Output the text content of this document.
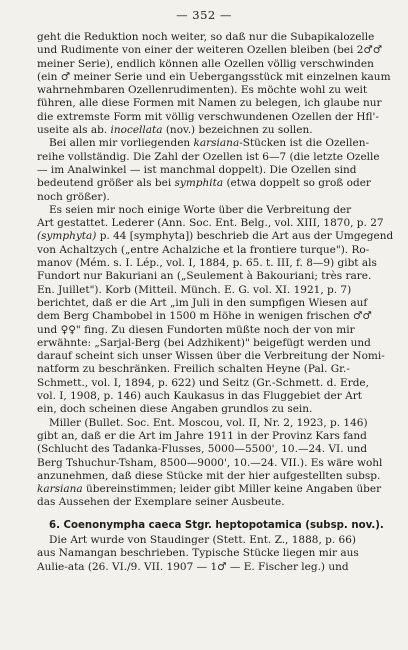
— 352 —
geht die Reduktion noch weiter, so daß nur die Subapikalozelle
und Rudimente von einer der weiteren Ozellen bleiben (bei 2♂♂
meiner Serie), endlich können alle Ozellen völlig verschwinden
(ein ♂ meiner Serie und ein Uebergangsstück mit einzelnen kaum
wahrnehmbaren Ozellenrudimenten). Es möchte wohl zu weit
führen, alle diese Formen mit Namen zu belegen, ich glaube nur
die extremste Form mit völlig verschwundenen Ozellen der Hfl'-
useite als ab. inocellata (nov.) bezeichnen zu sollen.
Bei allen mir vorliegenden karsiana-Stücken ist die Ozellen-
reihe vollständig. Die Zahl der Ozellen ist 6—7 (die letzte Ozelle
— im Analwinkel — ist manchmal doppelt). Die Ozellen sind
bedeutend größer als bei symphita (etwa doppelt so groß oder
noch größer).
Es seien mir noch einige Worte über die Verbreitung der
Art gestattet. Lederer (Ann. Soc. Ent. Belg., vol. XIII, 1870, p. 27
(symphyta) p. 44 [symphyta]) beschrieb die Art aus der Umgegend
von Achaltzych („entre Achalziche et la frontiere turque"). Ro-
manov (Mém. s. I. Lép., vol. I, 1884, p. 65. t. III, f. 8—9) gibt als
Fundort nur Bakuriani an („Seulement à Bakouriani; très rare.
En. Juillet"). Korb (Mitteil. Münch. E. G. vol. XI. 1921, p. 7)
berichtet, daß er die Art „im Juli in den sumpfigen Wiesen auf
dem Berg Chambobel in 1500 m Höhe in wenigen frischen ♂♂
und ♀♀" fing. Zu diesen Fundorten müßte noch der von mir
erwähnte: „Sarjal-Berg (bei Adzhikent)" beigefügt werden und
darauf scheint sich unser Wissen über die Verbreitung der Nomi-
natform zu beschränken. Freilich schalten Heyne (Pal. Gr.-
Schmett., vol. I, 1894, p. 622) und Seitz (Gr.-Schmett. d. Erde,
vol. I, 1908, p. 146) auch Kaukasus in das Fluggebiet der Art
ein, doch scheinen diese Angaben grundlos zu sein.
Miller (Bullet. Soc. Ent. Moscou, vol. II, Nr. 2, 1923, p. 146)
gibt an, daß er die Art im Jahre 1911 in der Provinz Kars fand
(Schlucht des Tadanka-Flusses, 5000—5500', 10.—24. VI. und
Berg Tshuchur-Tsham, 8500—9000', 10.—24. VII.). Es wäre wohl
anzunehmen, daß diese Stücke mit der hier aufgestellten subsp.
karsiana übereinstimmen; leider gibt Miller keine Angaben über
das Aussehen der Exemplare seiner Ausbeute.
6. Coenonympha caeca Stgr. heptopotamica (subsp. nov.).
Die Art wurde von Staudinger (Stett. Ent. Z., 1888, p. 66)
aus Namangan beschrieben. Typische Stücke liegen mir aus
Aulie-ata (26. VI./9. VII. 1907 — 1♂ — E. Fischer leg.) und
